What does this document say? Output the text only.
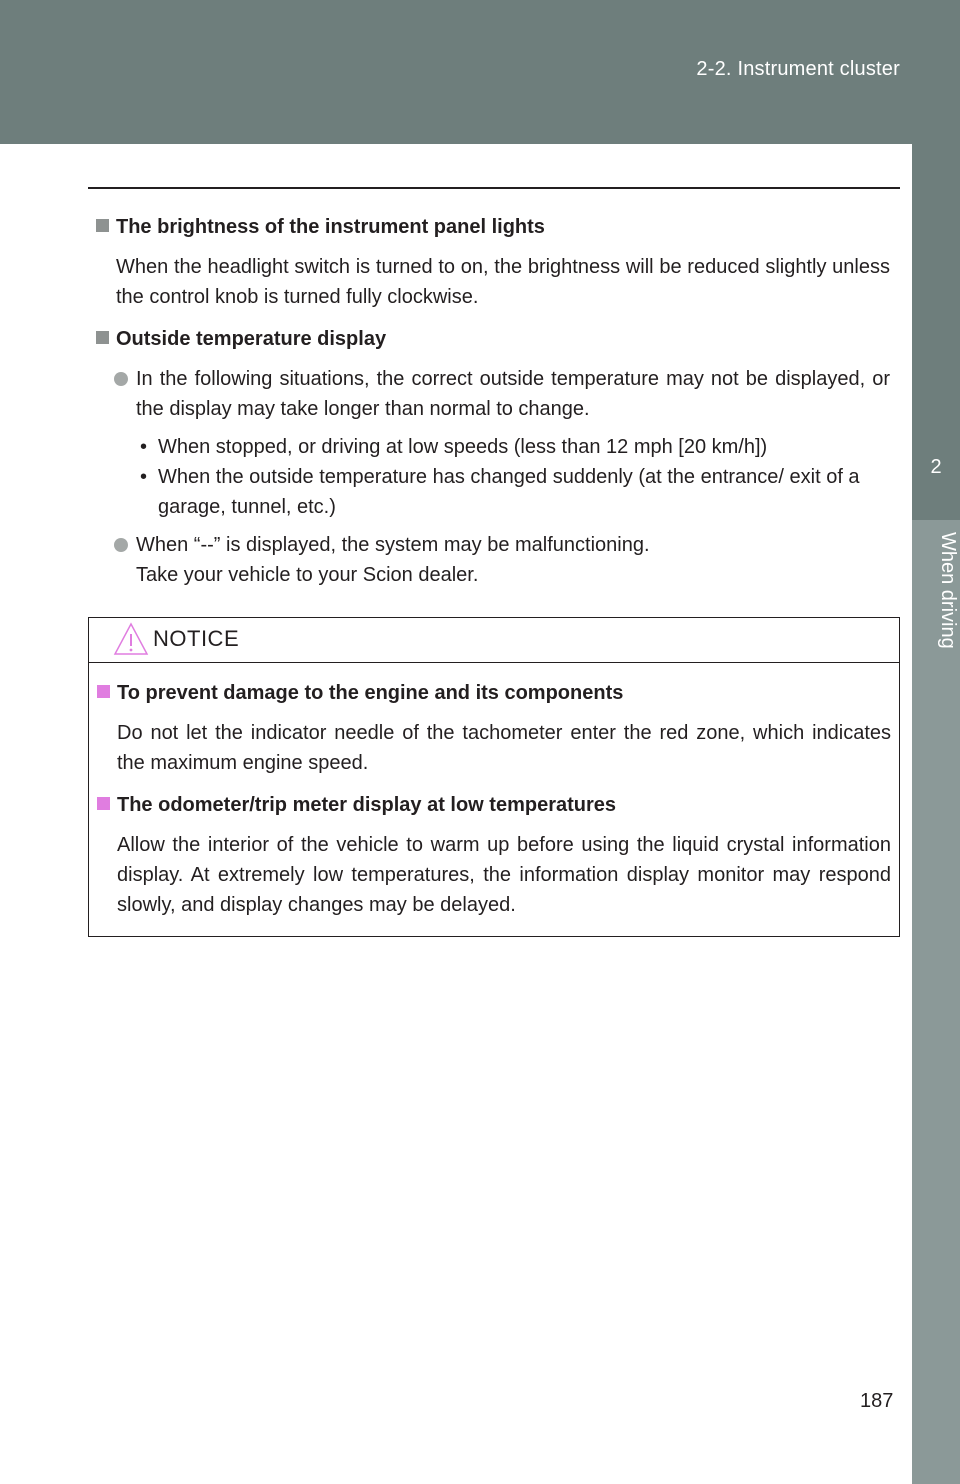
2-2. Instrument cluster
2
When driving
The brightness of the instrument panel lights

When the headlight switch is turned to on, the brightness will be reduced slightly unless the control knob is turned fully clockwise.

Outside temperature display
In the following situations, the correct outside temperature may not be displayed, or the display may take longer than normal to change.
• When stopped, or driving at low speeds (less than 12 mph [20 km/h])
• When the outside temperature has changed suddenly (at the entrance/ exit of a garage, tunnel, etc.)
When “--” is displayed, the system may be malfunctioning.
Take your vehicle to your Scion dealer.
NOTICE
To prevent damage to the engine and its components

Do not let the indicator needle of the tachometer enter the red zone, which indicates the maximum engine speed.

The odometer/trip meter display at low temperatures

Allow the interior of the vehicle to warm up before using the liquid crystal information display. At extremely low temperatures, the information display monitor may respond slowly, and display changes may be delayed.

187
